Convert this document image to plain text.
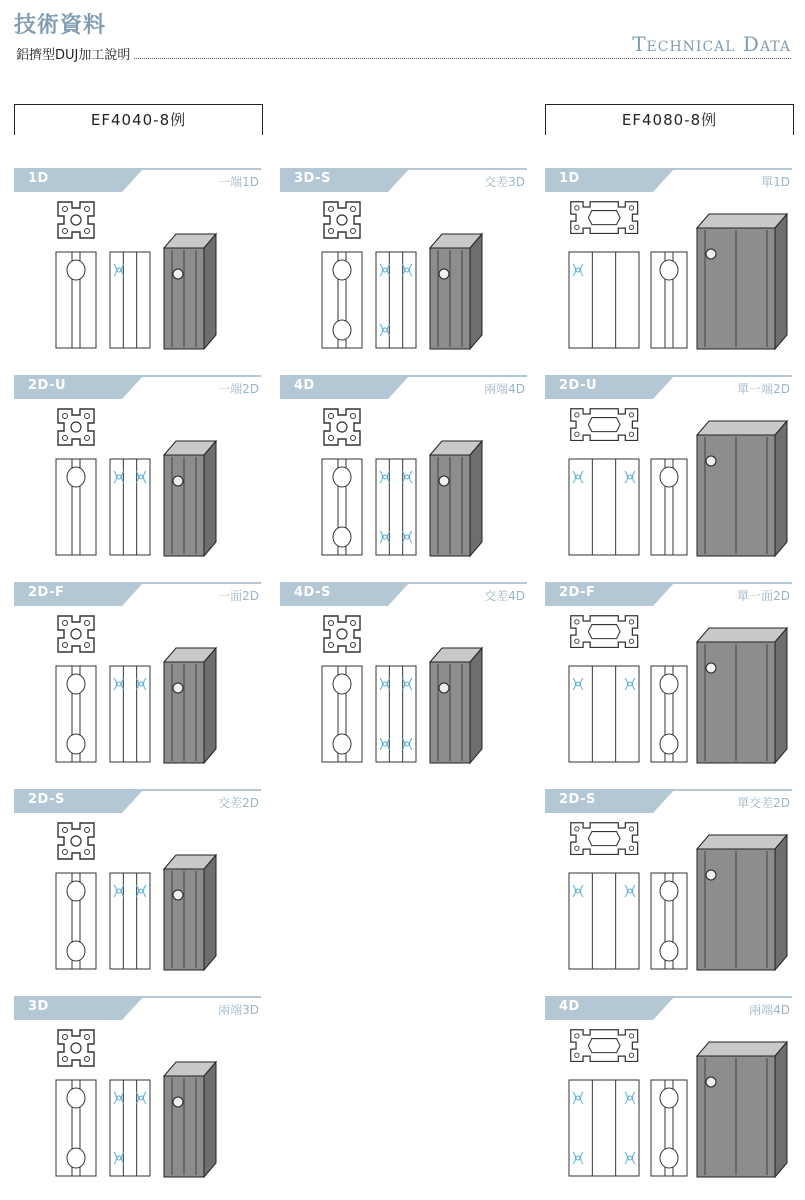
技術資料
鋁擠型DUJ加工說明	Technical Data
EF4040-8例	EF4080-8例
1D	一端1D	3D-S	交差3D	1D	單1D
2D-U	一端2D	4D	兩端4D	2D-U	單一端2D
2D-F	一面2D	4D-S	交差4D	2D-F	單一面2D
2D-S	交差2D	2D-S	單交差2D
3D	兩端3D	4D	兩端4D
